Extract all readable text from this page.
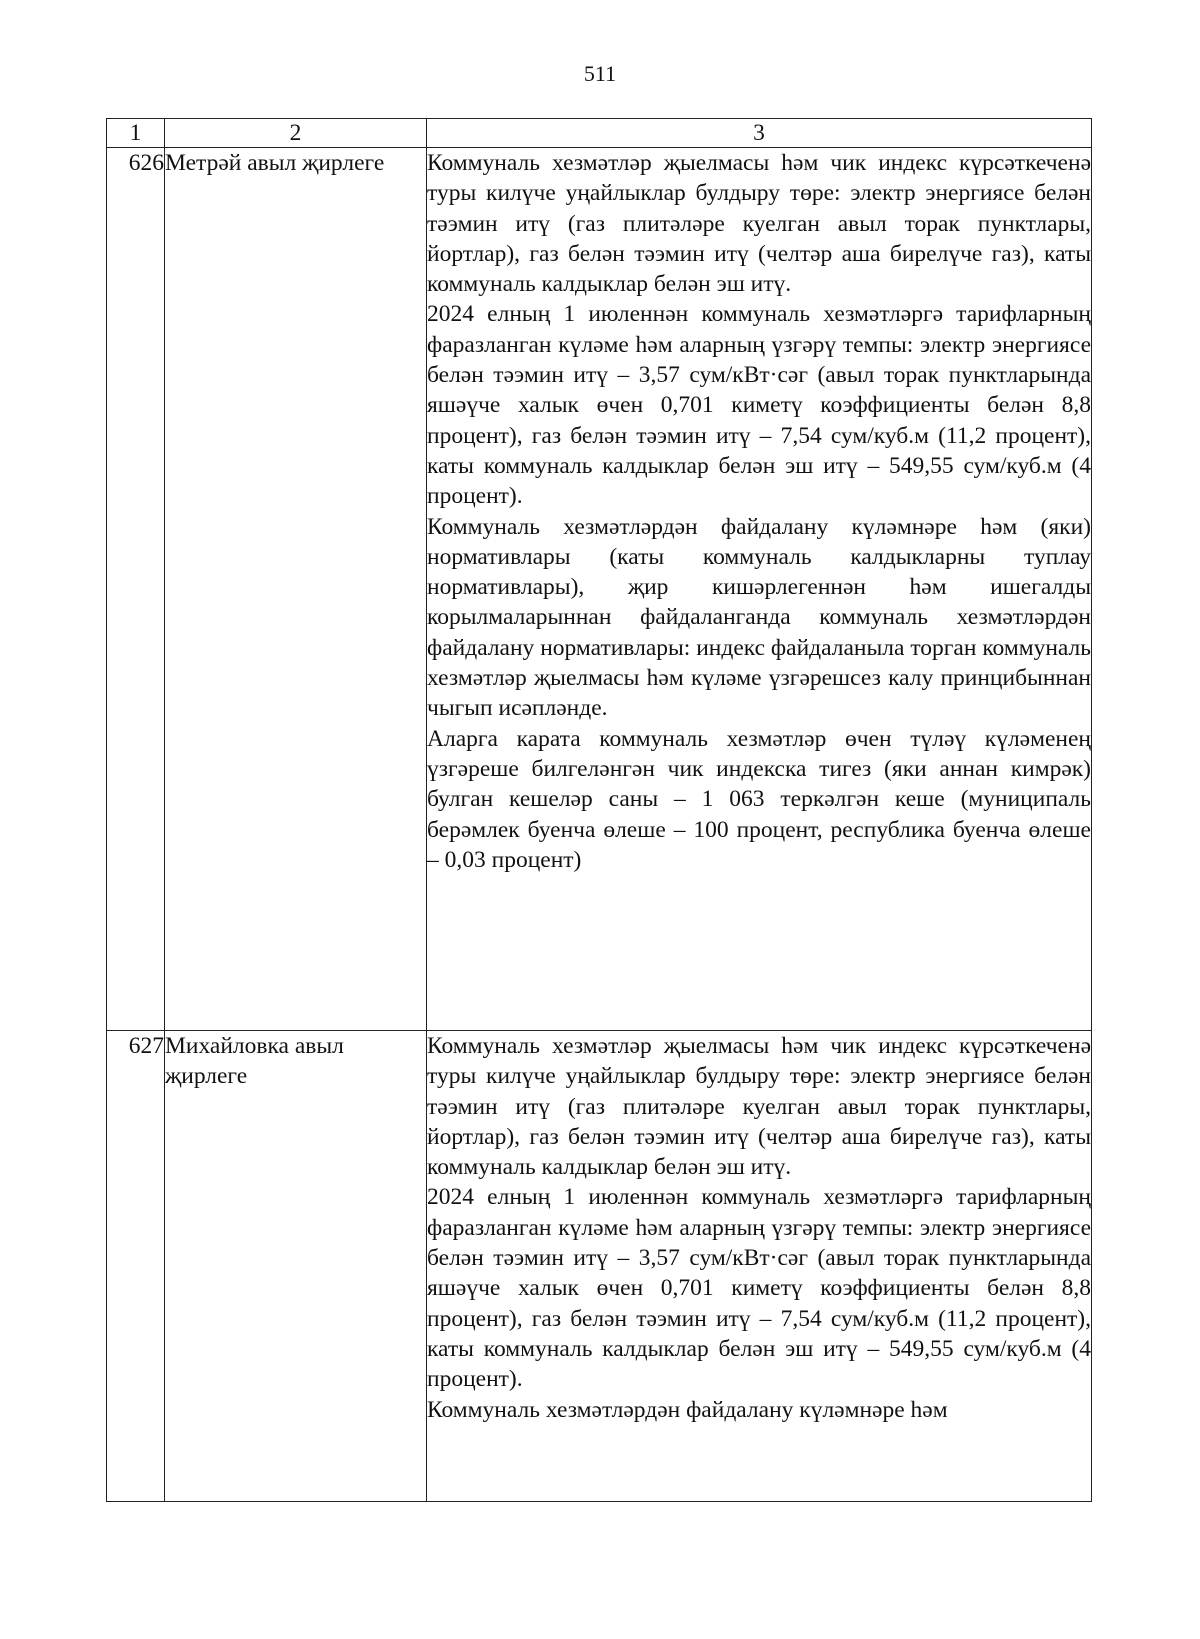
511
1	2	3
626	Метрәй авыл җирлеге	Коммуналь хезмәтләр җыелмасы һәм чик индекс күрсәткеченә туры килүче уңайлыклар булдыру төре: электр энергиясе белән тәэмин итү (газ плитәләре куелган авыл торак пунктлары, йортлар), газ белән тәэмин итү (челтәр аша бирелүче газ), каты коммуналь калдыклар белән эш итү.

2024 елның 1 июленнән коммуналь хезмәтләргә тарифларның фаразланган күләме һәм аларның үзгәрү темпы: электр энергиясе белән тәэмин итү – 3,57 сум/кВт·сәг (авыл торак пунктларында яшәүче халык өчен 0,701 киметү коэффициенты белән 8,8 процент), газ белән тәэмин итү – 7,54 сум/куб.м (11,2 процент), каты коммуналь калдыклар белән эш итү – 549,55 сум/куб.м (4 процент).

Коммуналь хезмәтләрдән файдалану күләмнәре һәм (яки) нормативлары (каты коммуналь калдыкларны туплау нормативлары), җир кишәрлегеннән һәм ишегалды корылмаларыннан файдаланганда коммуналь хезмәтләрдән файдалану нормативлары: индекс файдаланыла торган коммуналь хезмәтләр җыелмасы һәм күләме үзгәрешсез калу принцибыннан чыгып исәпләнде.

Аларга карата коммуналь хезмәтләр өчен түләү күләменең үзгәреше билгеләнгән чик индекска тигез (яки аннан кимрәк) булган кешеләр саны – 1 063 теркәлгән кеше (муниципаль берәмлек буенча өлеше – 100 процент, республика буенча өлеше – 0,03 процент)

627	Михайловка авыл җирлеге	Коммуналь хезмәтләр җыелмасы һәм чик индекс күрсәткеченә туры килүче уңайлыклар булдыру төре: электр энергиясе белән тәэмин итү (газ плитәләре куелган авыл торак пунктлары, йортлар), газ белән тәэмин итү (челтәр аша бирелүче газ), каты коммуналь калдыклар белән эш итү.

2024 елның 1 июленнән коммуналь хезмәтләргә тарифларның фаразланган күләме һәм аларның үзгәрү темпы: электр энергиясе белән тәэмин итү – 3,57 сум/кВт·сәг (авыл торак пунктларында яшәүче халык өчен 0,701 киметү коэффициенты белән 8,8 процент), газ белән тәэмин итү – 7,54 сум/куб.м (11,2 процент), каты коммуналь калдыклар белән эш итү – 549,55 сум/куб.м (4 процент).

Коммуналь хезмәтләрдән файдалану күләмнәре һәм
